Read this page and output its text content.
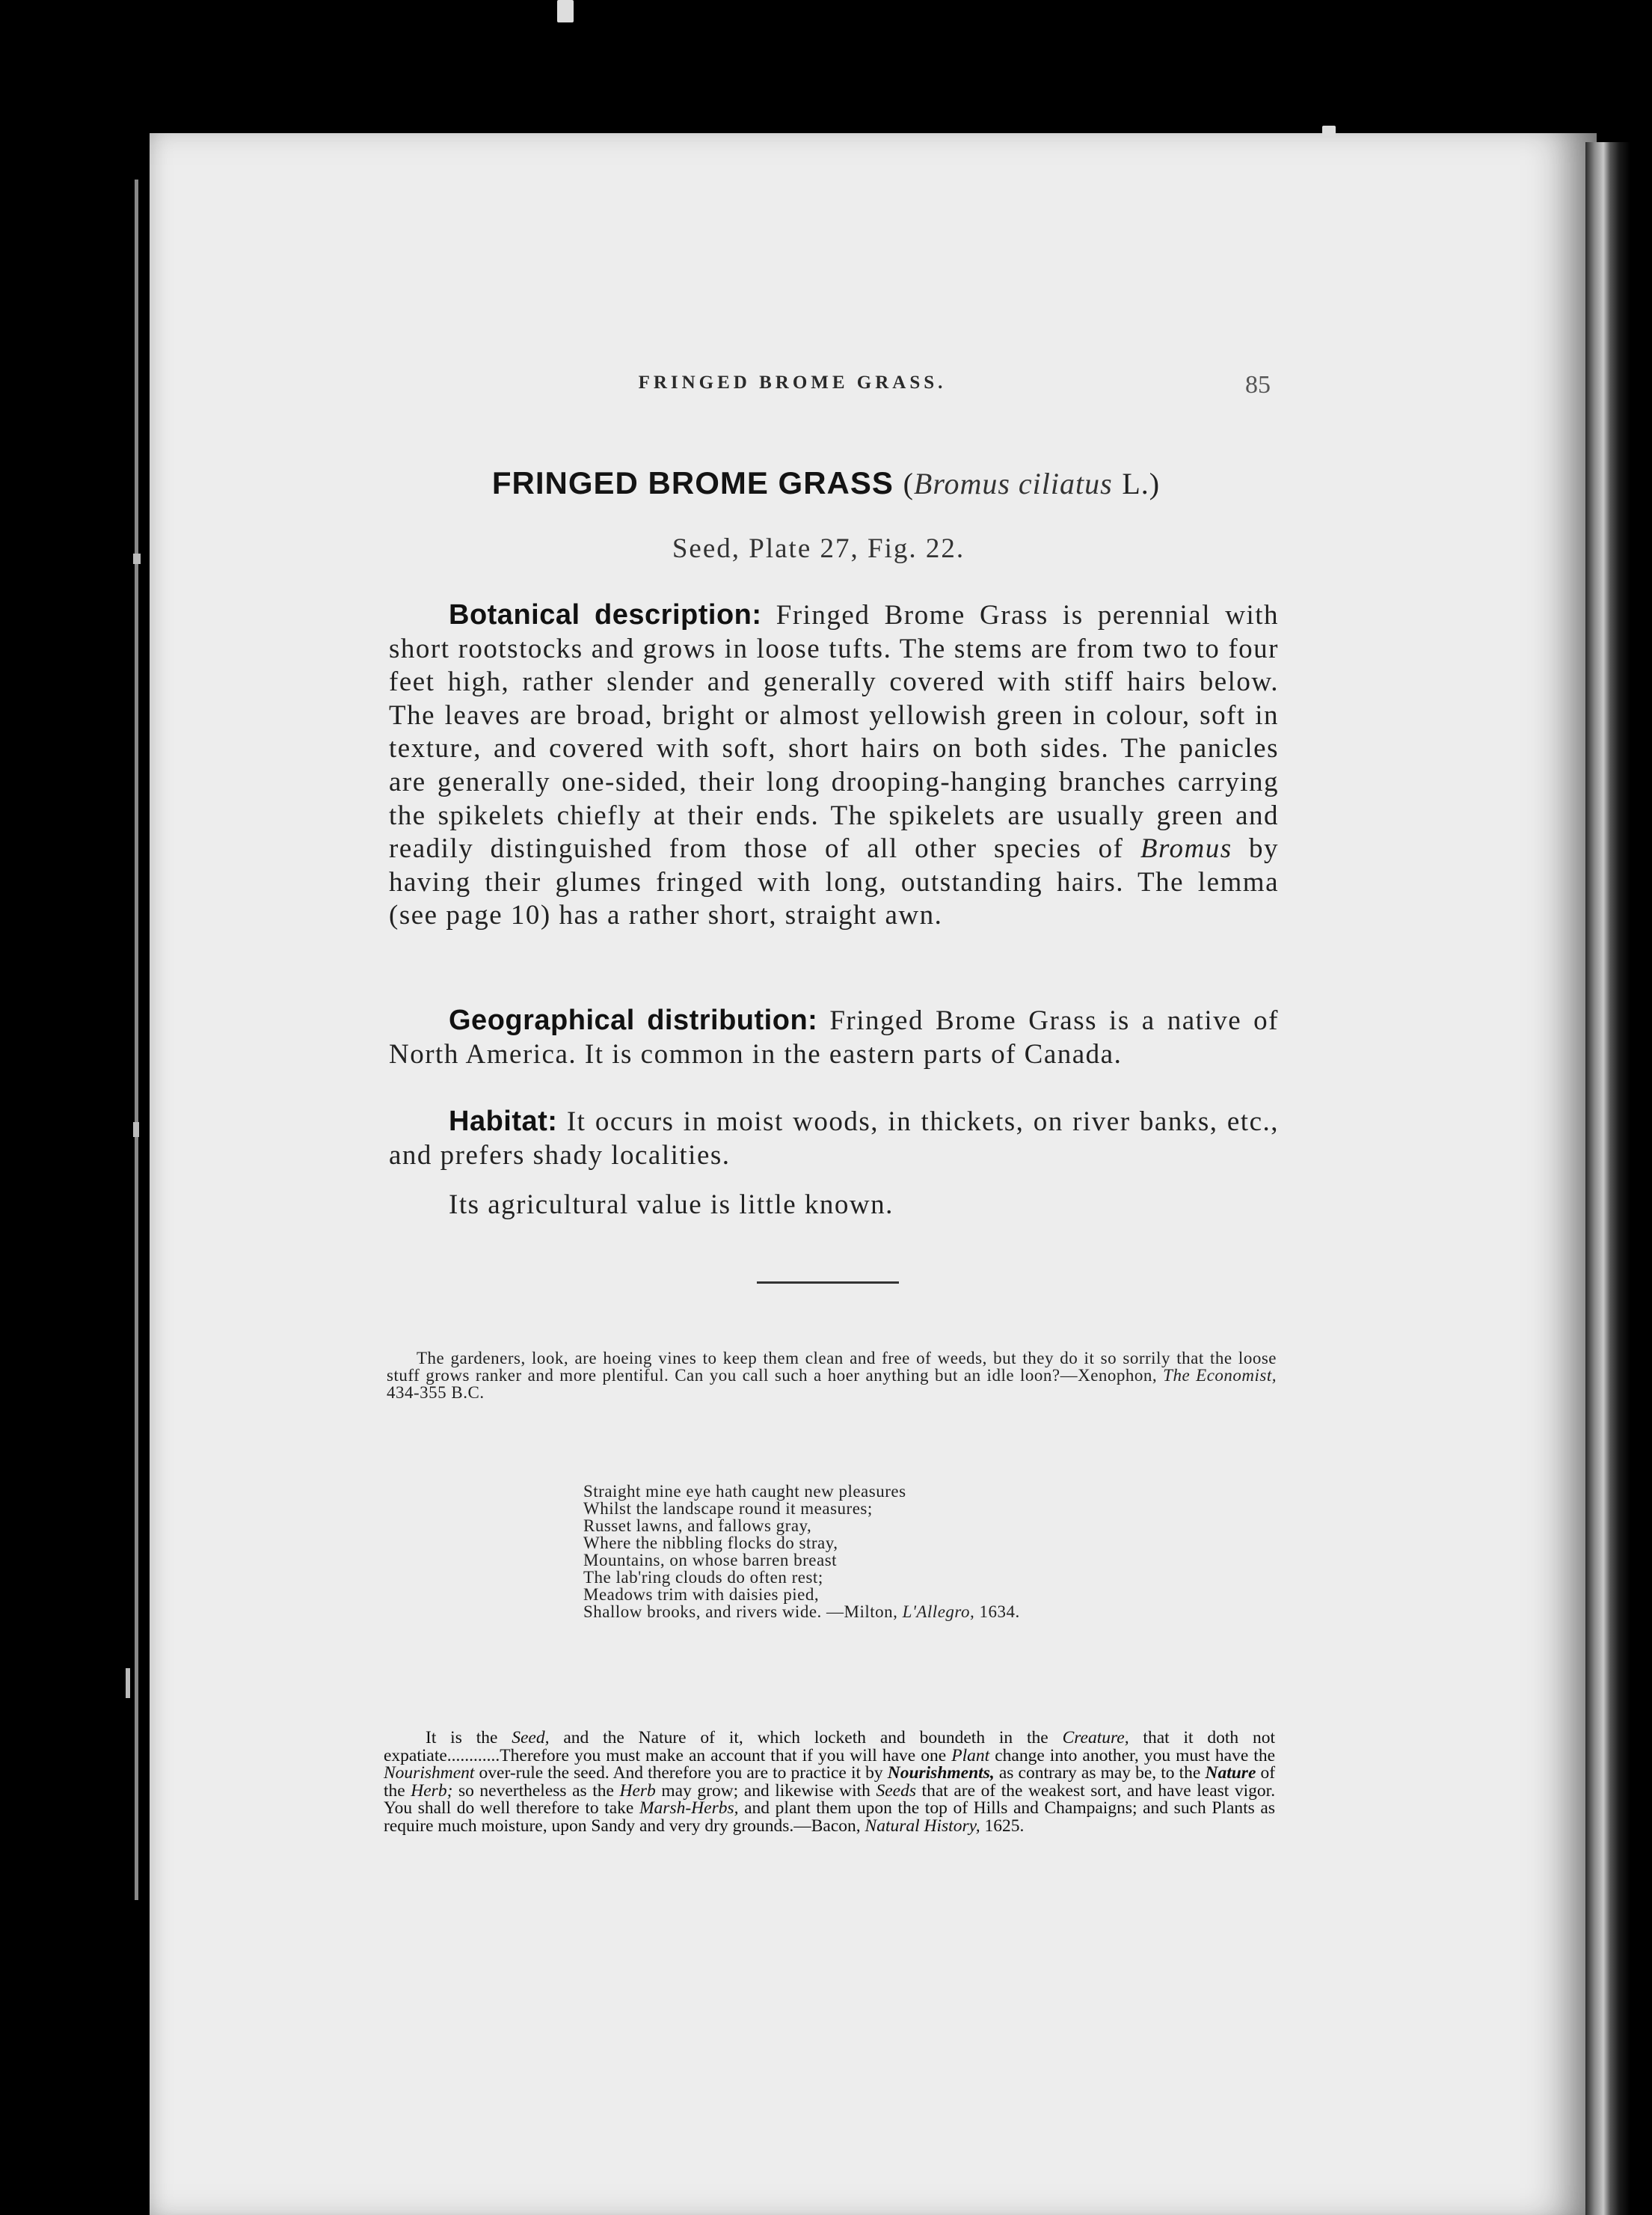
FRINGED BROME GRASS.	85
FRINGED BROME GRASS (Bromus ciliatus L.)
Seed, Plate 27, Fig. 22.

Botanical description: Fringed Brome Grass is perennial with short rootstocks and grows in loose tufts. The stems are from two to four feet high, rather slender and generally covered with stiff hairs below. The leaves are broad, bright or almost yellowish green in colour, soft in texture, and covered with soft, short hairs on both sides. The panicles are generally one-sided, their long drooping-hanging branches carrying the spikelets chiefly at their ends. The spikelets are usually green and readily distinguished from those of all other species of Bromus by having their glumes fringed with long, outstanding hairs. The lemma (see page 10) has a rather short, straight awn.

Geographical distribution: Fringed Brome Grass is a native of North America. It is common in the eastern parts of Canada.

Habitat: It occurs in moist woods, in thickets, on river banks, etc., and prefers shady localities.

Its agricultural value is little known.

The gardeners, look, are hoeing vines to keep them clean and free of weeds, but they do it so sorrily that the loose stuff grows ranker and more plentiful. Can you call such a hoer anything but an idle loon?—Xenophon, The Economist, 434-355 B.C.
Straight mine eye hath caught new pleasures
Whilst the landscape round it measures;
Russet lawns, and fallows gray,
Where the nibbling flocks do stray,
Mountains, on whose barren breast
The lab'ring clouds do often rest;
Meadows trim with daisies pied,
Shallow brooks, and rivers wide. —Milton, L'Allegro, 1634.

It is the Seed, and the Nature of it, which locketh and boundeth in the Creature, that it doth not expatiate............Therefore you must make an account that if you will have one Plant change into another, you must have the Nourishment over-rule the seed. And therefore you are to practice it by Nourishments, as contrary as may be, to the Nature of the Herb; so nevertheless as the Herb may grow; and likewise with Seeds that are of the weakest sort, and have least vigor. You shall do well therefore to take Marsh-Herbs, and plant them upon the top of Hills and Champaigns; and such Plants as require much moisture, upon Sandy and very dry grounds.—Bacon, Natural History, 1625.
